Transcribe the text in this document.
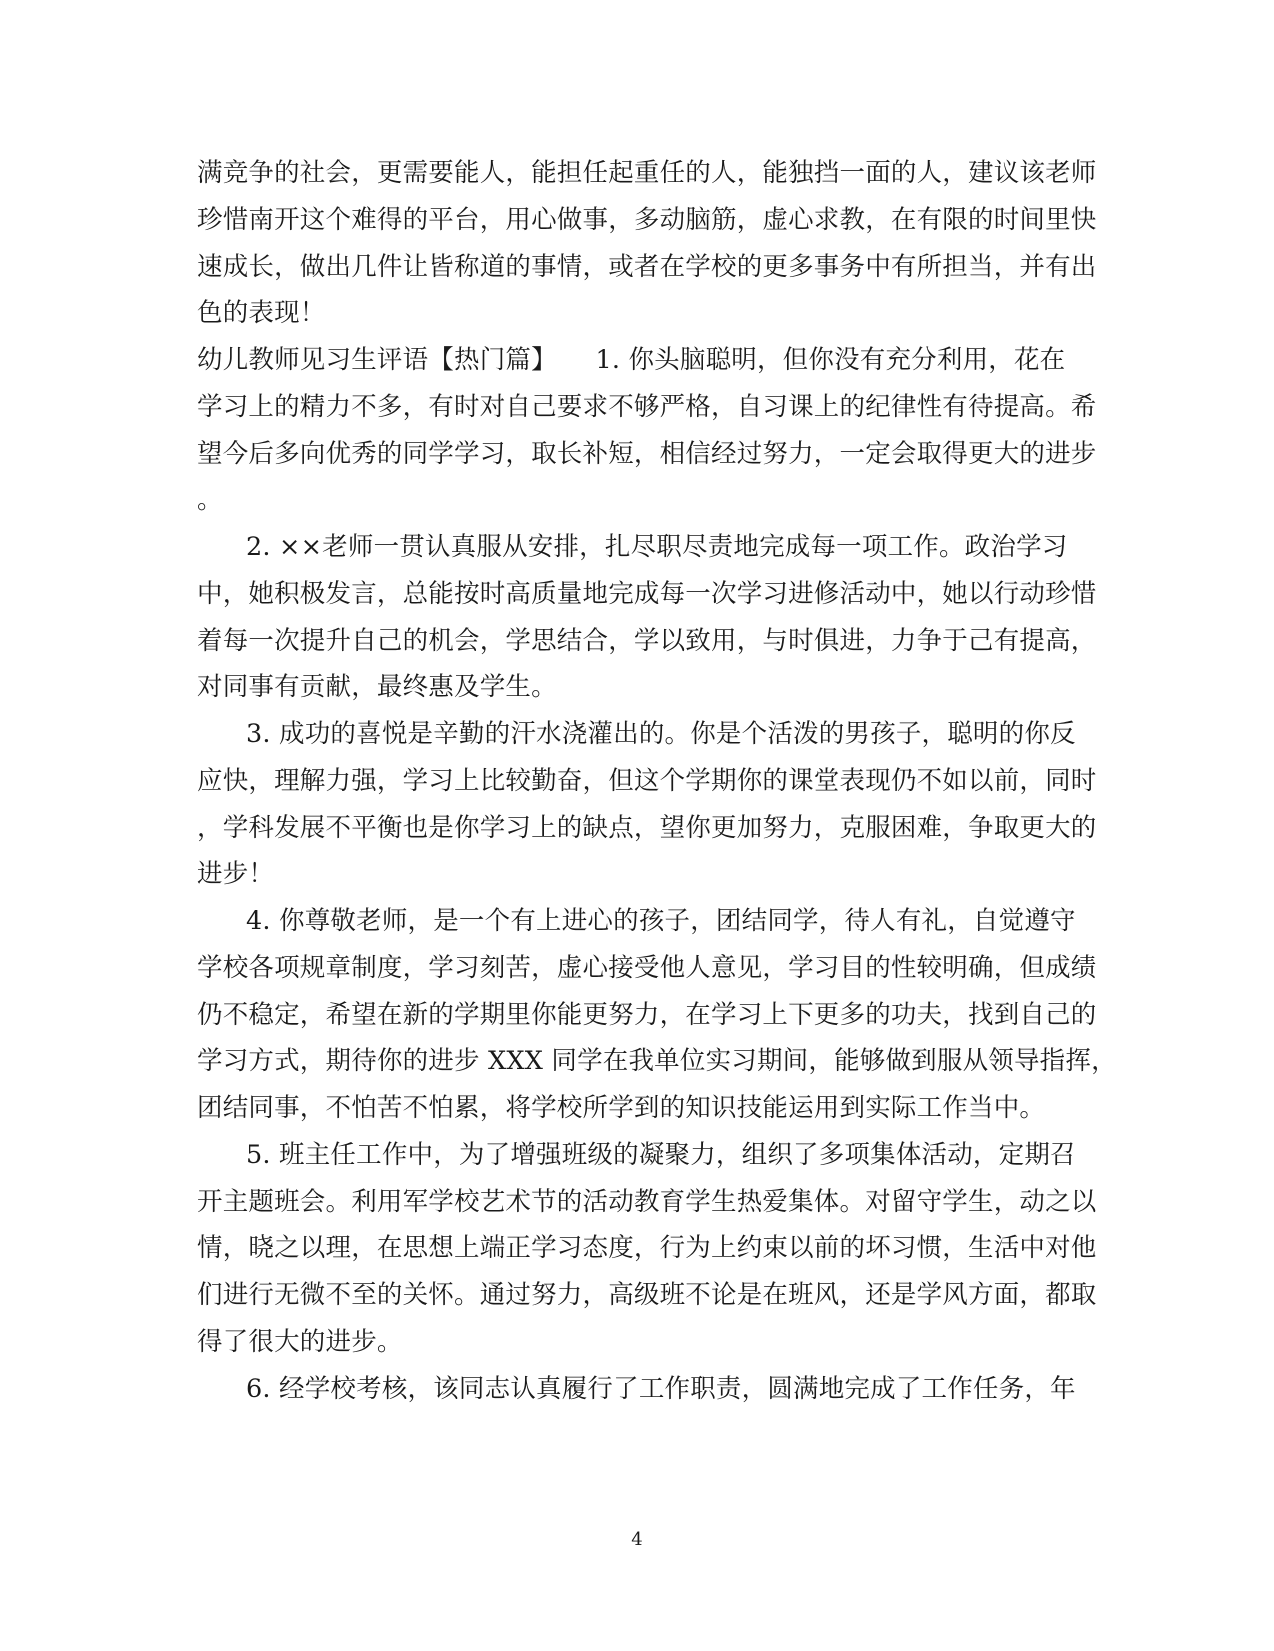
满竞争的社会，更需要能人，能担任起重任的人，能独挡一面的人，建议该老师
珍惜南开这个难得的平台，用心做事，多动脑筋，虚心求教，在有限的时间里快
速成长，做出几件让皆称道的事情，或者在学校的更多事务中有所担当，并有出
色的表现！
幼儿教师见习生评语【热门篇】　　1. 你头脑聪明，但你没有充分利用，花在
学习上的精力不多，有时对自己要求不够严格，自习课上的纪律性有待提高。希
望今后多向优秀的同学学习，取长补短，相信经过努力，一定会取得更大的进步
。
2. ××老师一贯认真服从安排，扎尽职尽责地完成每一项工作。政治学习
中，她积极发言，总能按时高质量地完成每一次学习进修活动中，她以行动珍惜
着每一次提升自己的机会，学思结合，学以致用，与时俱进，力争于己有提高，
对同事有贡献，最终惠及学生。
3. 成功的喜悦是辛勤的汗水浇灌出的。你是个活泼的男孩子，聪明的你反
应快，理解力强，学习上比较勤奋，但这个学期你的课堂表现仍不如以前，同时
，学科发展不平衡也是你学习上的缺点，望你更加努力，克服困难，争取更大的
进步！
4. 你尊敬老师，是一个有上进心的孩子，团结同学，待人有礼，自觉遵守
学校各项规章制度，学习刻苦，虚心接受他人意见，学习目的性较明确，但成绩
仍不稳定，希望在新的学期里你能更努力，在学习上下更多的功夫，找到自己的
学习方式，期待你的进步 XXX 同学在我单位实习期间，能够做到服从领导指挥，
团结同事，不怕苦不怕累，将学校所学到的知识技能运用到实际工作当中。
5. 班主任工作中，为了增强班级的凝聚力，组织了多项集体活动，定期召
开主题班会。利用军学校艺术节的活动教育学生热爱集体。对留守学生，动之以
情，晓之以理，在思想上端正学习态度，行为上约束以前的坏习惯，生活中对他
们进行无微不至的关怀。通过努力，高级班不论是在班风，还是学风方面，都取
得了很大的进步。
6. 经学校考核，该同志认真履行了工作职责，圆满地完成了工作任务，年
4
